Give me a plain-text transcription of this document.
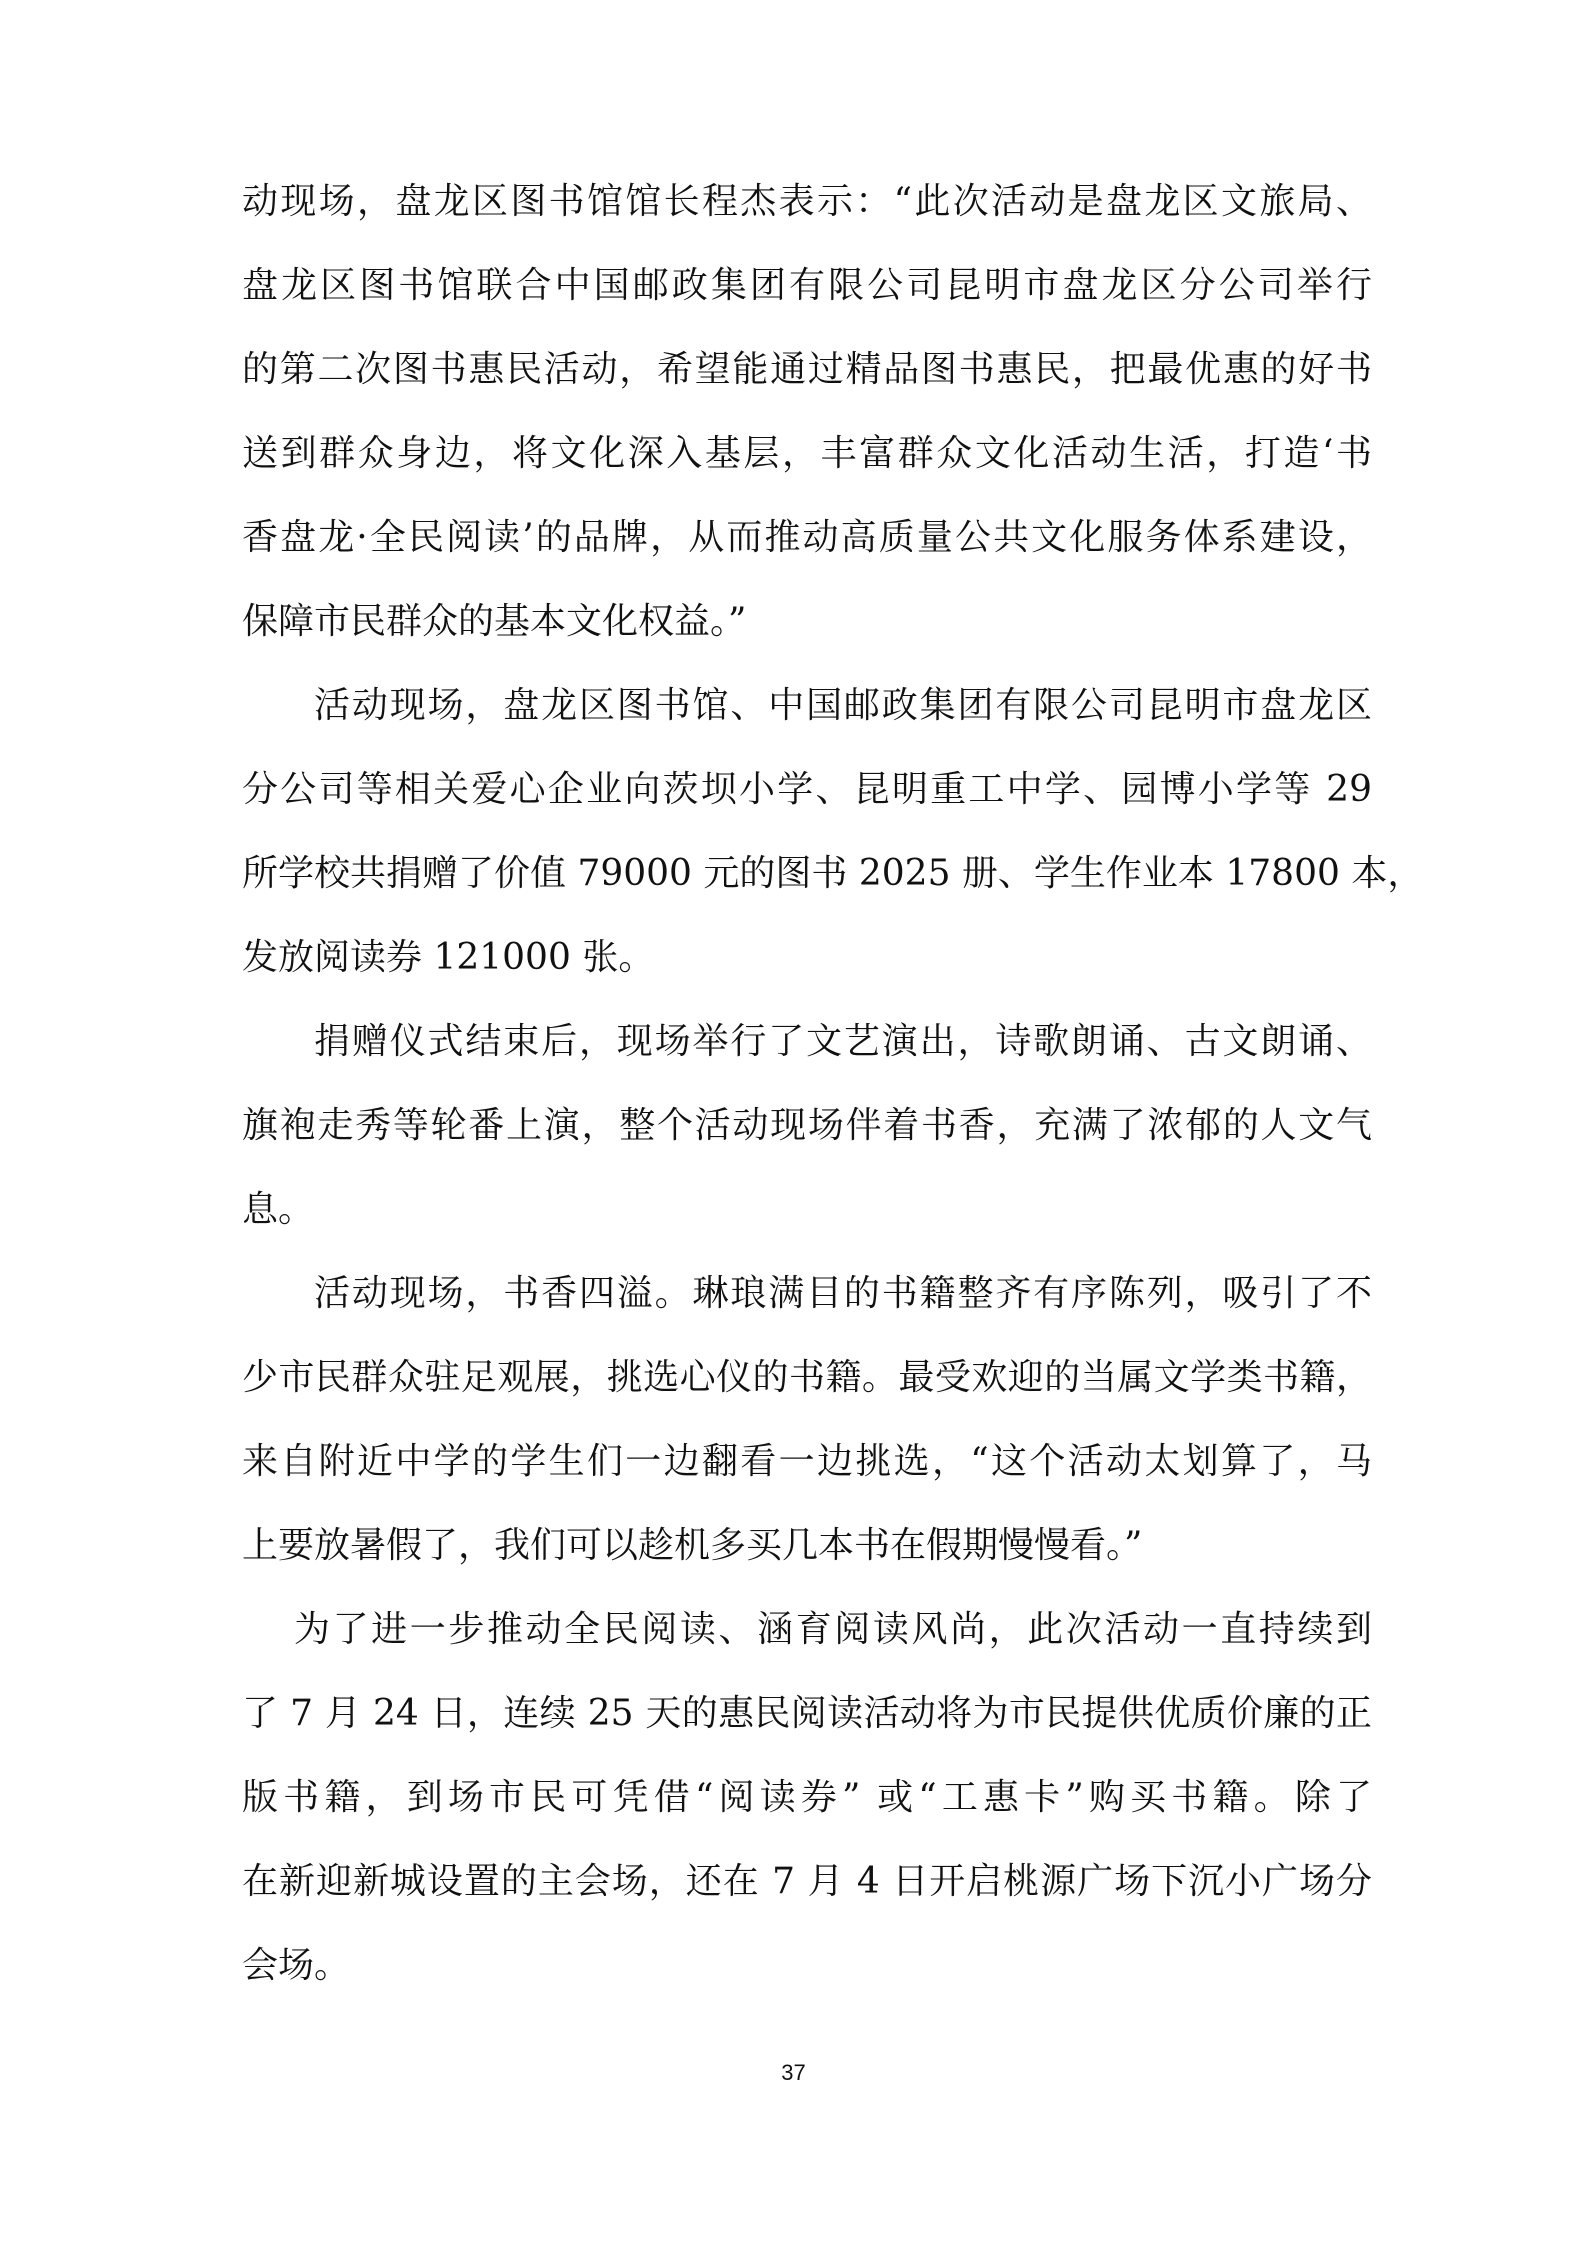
动现场，盘龙区图书馆馆长程杰表示：“此次活动是盘龙区文旅局、
盘龙区图书馆联合中国邮政集团有限公司昆明市盘龙区分公司举行
的第二次图书惠民活动，希望能通过精品图书惠民，把最优惠的好书
送到群众身边，将文化深入基层，丰富群众文化活动生活，打造‘书
香盘龙·全民阅读’的品牌，从而推动高质量公共文化服务体系建设，
保障市民群众的基本文化权益。”
活动现场，盘龙区图书馆、中国邮政集团有限公司昆明市盘龙区
分公司等相关爱心企业向茨坝小学、昆明重工中学、园博小学等 29
所学校共捐赠了价值 79000 元的图书 2025 册、学生作业本 17800 本，
发放阅读券 121000 张。
捐赠仪式结束后，现场举行了文艺演出，诗歌朗诵、古文朗诵、
旗袍走秀等轮番上演，整个活动现场伴着书香，充满了浓郁的人文气
息。
活动现场，书香四溢。琳琅满目的书籍整齐有序陈列，吸引了不
少市民群众驻足观展，挑选心仪的书籍。最受欢迎的当属文学类书籍，
来自附近中学的学生们一边翻看一边挑选，“这个活动太划算了，马
上要放暑假了，我们可以趁机多买几本书在假期慢慢看。”
为了进一步推动全民阅读、涵育阅读风尚，此次活动一直持续到
了 7 月 24 日，连续 25 天的惠民阅读活动将为市民提供优质价廉的正
版书籍，到场市民可凭借“阅读券” 或“工惠卡”购买书籍。除了
在新迎新城设置的主会场，还在 7 月 4 日开启桃源广场下沉小广场分
会场。
37
